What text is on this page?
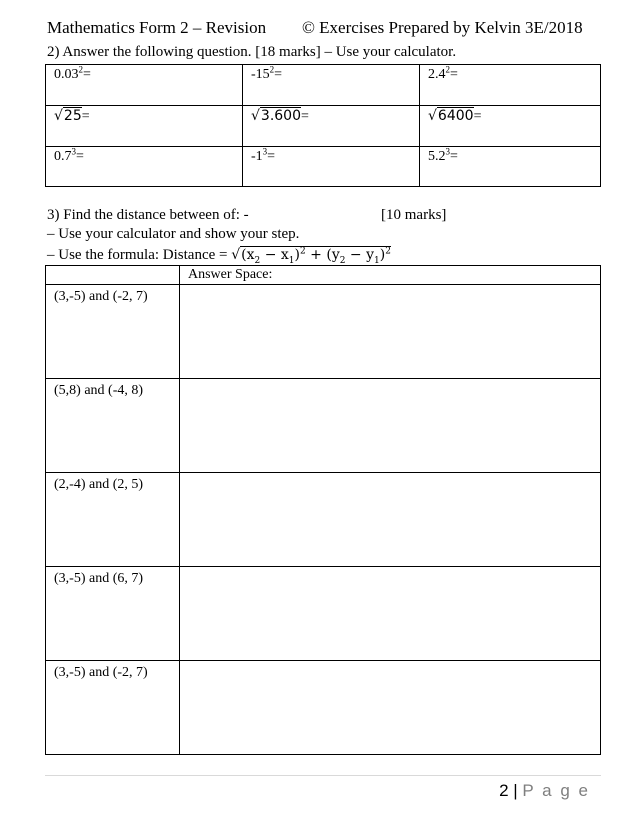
Mathematics Form 2 – Revision © Exercises Prepared by Kelvin 3E/2018
2) Answer the following question. [18 marks] – Use your calculator.
$0.03^2=$	$-15^2=$	$2.4^2=$
√25=	√3.600=	√6400=
$0.7^3=$	$-1^3=$	$5.2^3=$
3) Find the distance between of: -	[10 marks]
– Use your calculator and show your step.
– Use the formula: Distance = $√(x_2 - x_1)^2 + (y_2 - y_1)^2$
	Answer Space:
(3,-5) and (-2, 7)	
(5,8) and (-4, 8)	
(2,-4) and (2, 5)	
(3,-5) and (6, 7)	
(3,-5) and (-2, 7)	
2 | P a g e
